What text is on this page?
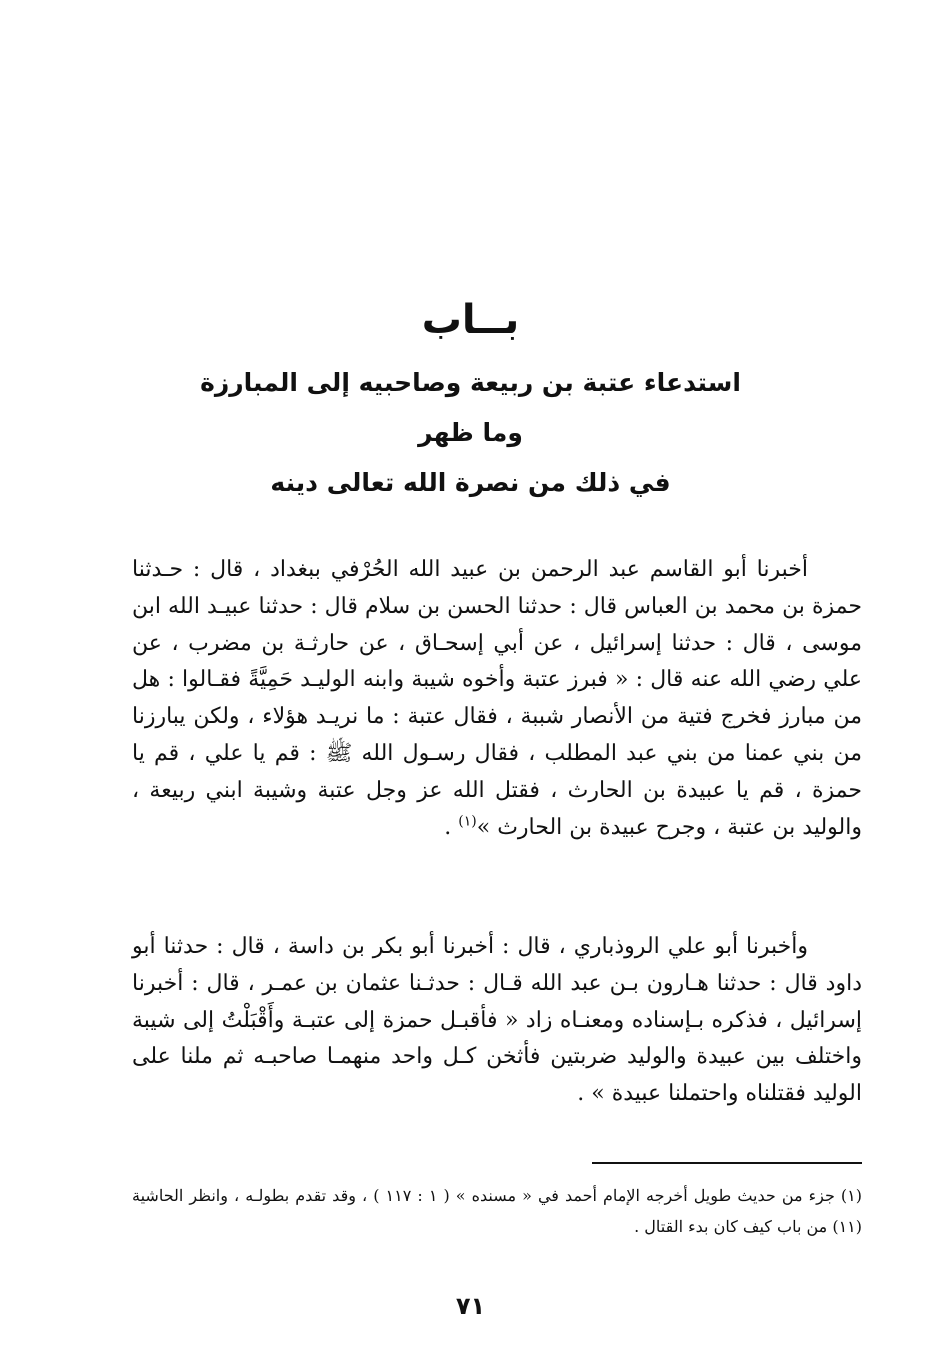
بــاب
استدعاء عتبة بن ربيعة وصاحبيه إلى المبارزة وما ظهر
في ذلك من نصرة الله تعالى دينه

أخبرنا أبو القاسم عبد الرحمن بن عبيد الله الحُرْفي ببغداد ، قال : حـدثنا حمزة بن محمد بن العباس قال : حدثنا الحسن بن سلام قال : حدثنا عبيـد الله ابن موسى ، قال : حدثنا إسرائيل ، عن أبي إسحـاق ، عن حارثـة بن مضرب ، عن علي رضي الله عنه قال : « فبرز عتبة وأخوه شيبة وابنه الوليـد حَمِيَّةً فقـالوا : هل من مبارز فخرج فتية من الأنصار شببة ، فقال عتبة : ما نريـد هؤلاء ، ولكن يبارزنا من بني عمنا من بني عبد المطلب ، فقال رسـول الله ﷺ : قم يا علي ، قم يا حمزة ، قم يا عبيدة بن الحارث ، فقتل الله عز وجل عتبة وشيبة ابني ربيعة ، والوليد بن عتبة ، وجرح عبيدة بن الحارث »$^{(١)}$ .

وأخبرنا أبو علي الروذباري ، قال : أخبرنا أبو بكر بن داسة ، قال : حدثنا أبو داود قال : حدثنا هـارون بـن عبد الله قـال : حدثـنا عثمان بن عمـر ، قال : أخبرنا إسرائيل ، فذكره بـإسناده ومعنـاه زاد « فأقبـل حمزة إلى عتبـة وأَقْبَلْتُ إلى شيبة واختلف بين عبيدة والوليد ضربتين فأثخن كـل واحد منهمـا صاحبـه ثم ملنا على الوليد فقتلناه واحتملنا عبيدة » .

(١) جزء من حديث طويل أخرجه الإمام أحمد في « مسنده » ( ١ : ١١٧ ) ، وقد تقدم بطولـه ، وانظر الحاشية (١١) من باب كيف كان بدء القتال .

٧١
